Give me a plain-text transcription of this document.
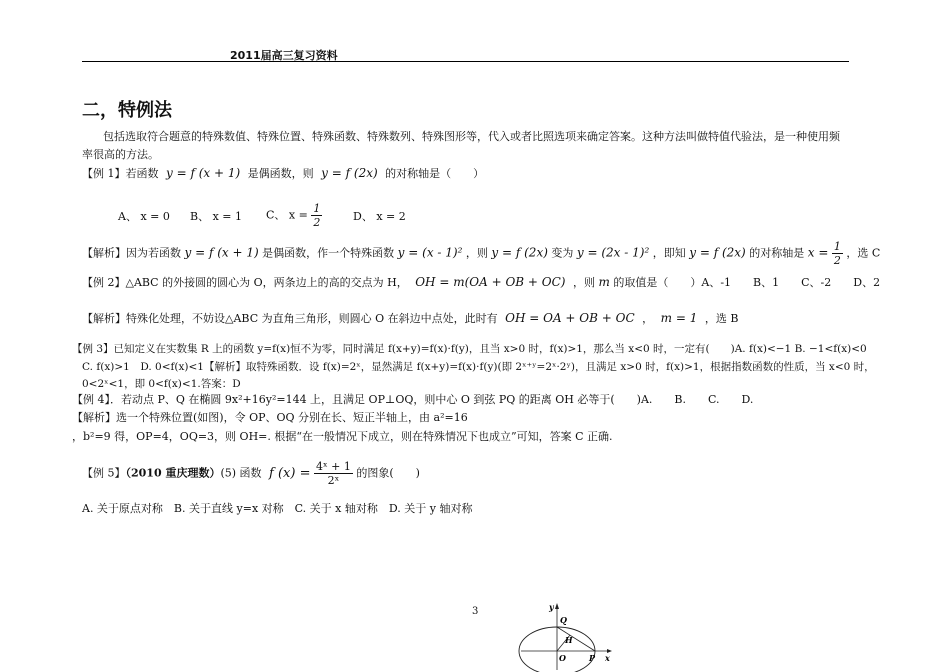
2011届高三复习资料
二，特例法
包括选取符合题意的特殊数值、特殊位置、特殊函数、特殊数列、特殊图形等，代入或者比照选项来确定答案。这种方法叫做特值代验法，是一种使用频
率很高的方法。
【例 1】若函数 y = f (x + 1) 是偶函数，则 y = f (2x) 的对称轴是（　　）
A、 x = 0 B、 x = 1 C、 $x = \frac{1}{2}$	D、 x = 2
【解析】因为若函数 y = f (x + 1) 是偶函数，作一个特殊函数 y = (x - 1)² ，则 y = f (2x) 变为 y = (2x - 1)² ，即知 y = f (2x) 的对称轴是 $x = \frac{1}{2}$ ，选 C
【例 2】△ABC 的外接圆的圆心为 O，两条边上的高的交点为 H， OH = m(OA + OB + OC) ，则 m 的取值是（　　）A、-1　　B、1　　C、-2　　D、2
【解析】特殊化处理，不妨设△ABC 为直角三角形，则圆心 O 在斜边中点处，此时有 OH = OA + OB + OC ， m = 1 ，选 B
【例 3】已知定义在实数集 R 上的函数 y=f(x)恒不为零，同时满足 f(x+y)=f(x)·f(y)，且当 x>0 时，f(x)>1，那么当 x<0 时，一定有(　　)A. f(x)<−1 B. −1<f(x)<0
C. f(x)>1　D. 0<f(x)<1【解析】取特殊函数．设 f(x)=2ˣ，显然满足 f(x+y)=f(x)·f(y)(即 2ˣ⁺ʸ=2ˣ·2ʸ)，且满足 x>0 时，f(x)>1，根据指数函数的性质，当 x<0 时，
0<2ˣ<1，即 0<f(x)<1.答案：D
【例 4】．若动点 P、Q 在椭圆 9x²+16y²=144 上，且满足 OP⊥OQ，则中心 O 到弦 PQ 的距离 OH 必等于(　　)A.　　B.　　C.　　D.
【解析】选一个特殊位置(如图)，令 OP、OQ 分别在长、短正半轴上，由 a²=16
，b²=9 得，OP=4，OQ=3，则 OH=. 根据“在一般情况下成立，则在特殊情况下也成立”可知，答案 C 正确.
【例 5】（2010 重庆理数）(5) 函数 f $(x) = \frac{\text{4ˣ + 1}}{\text{2ˣ}}$ 的图象(　　)
A. 关于原点对称　B. 关于直线 y=x 对称　C. 关于 x 轴对称　D. 关于 y 轴对称
3	y
Q
H
O	P x
